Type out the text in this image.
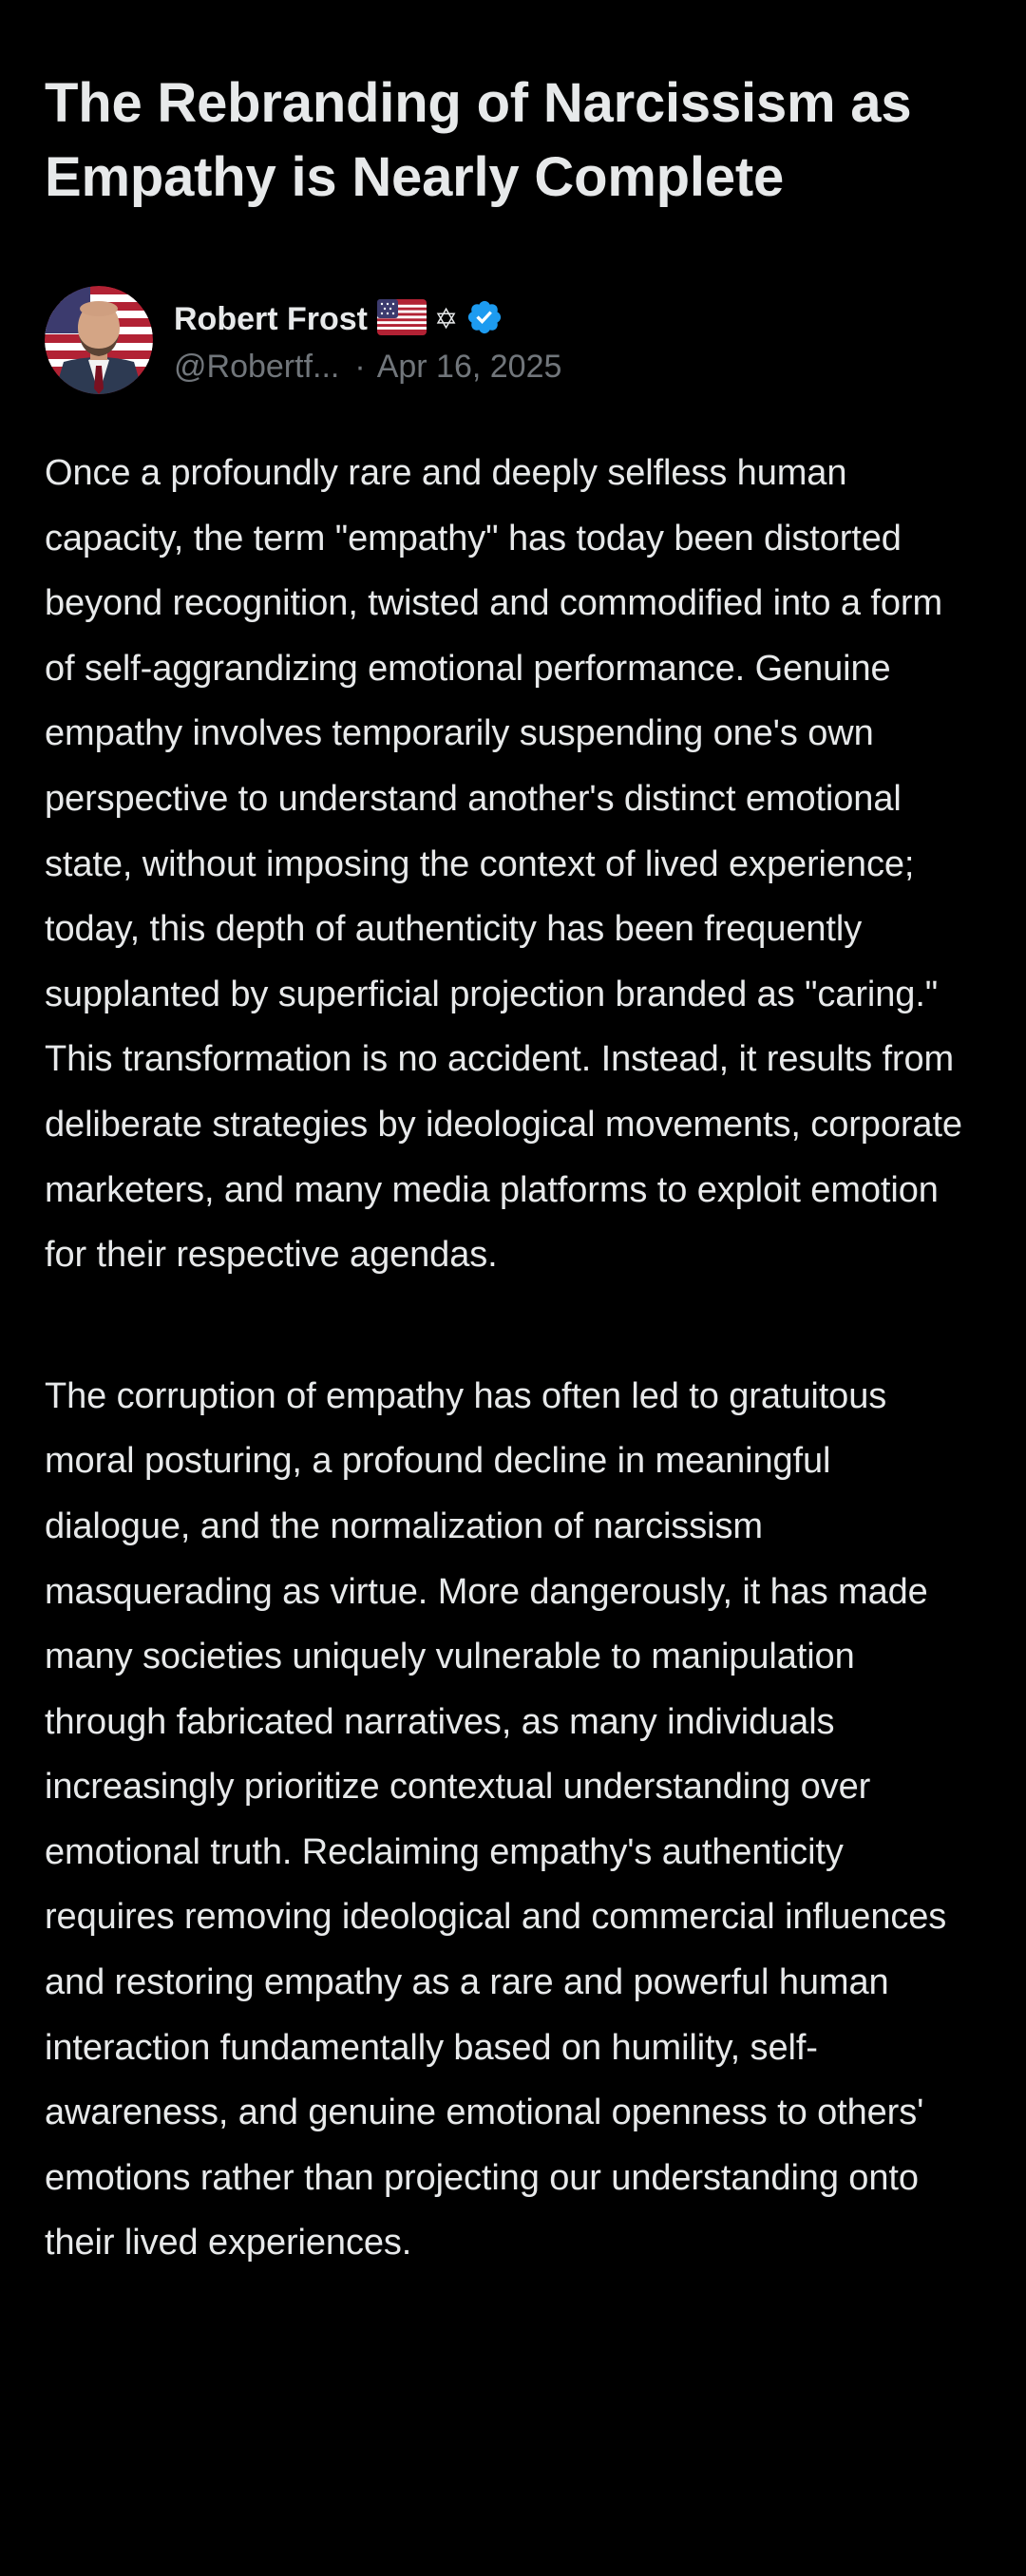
The Rebranding of Narcissism as Empathy is Nearly Complete
Robert Frost ✡
@Robertf... · Apr 16, 2025

Once a profoundly rare and deeply selfless human capacity, the term "empathy" has today been distorted beyond recognition, twisted and commodified into a form of self-aggrandizing emotional performance. Genuine empathy involves temporarily suspending one's own perspective to understand another's distinct emotional state, without imposing the context of lived experience; today, this depth of authenticity has been frequently supplanted by superficial projection branded as "caring." This transformation is no accident. Instead, it results from deliberate strategies by ideological movements, corporate marketers, and many media platforms to exploit emotion for their respective agendas.

The corruption of empathy has often led to gratuitous moral posturing, a profound decline in meaningful dialogue, and the normalization of narcissism masquerading as virtue. More dangerously, it has made many societies uniquely vulnerable to manipulation through fabricated narratives, as many individuals increasingly prioritize contextual understanding over emotional truth. Reclaiming empathy's authenticity requires removing ideological and commercial influences and restoring empathy as a rare and powerful human interaction fundamentally based on humility, self-awareness, and genuine emotional openness to others' emotions rather than projecting our understanding onto their lived experiences.
